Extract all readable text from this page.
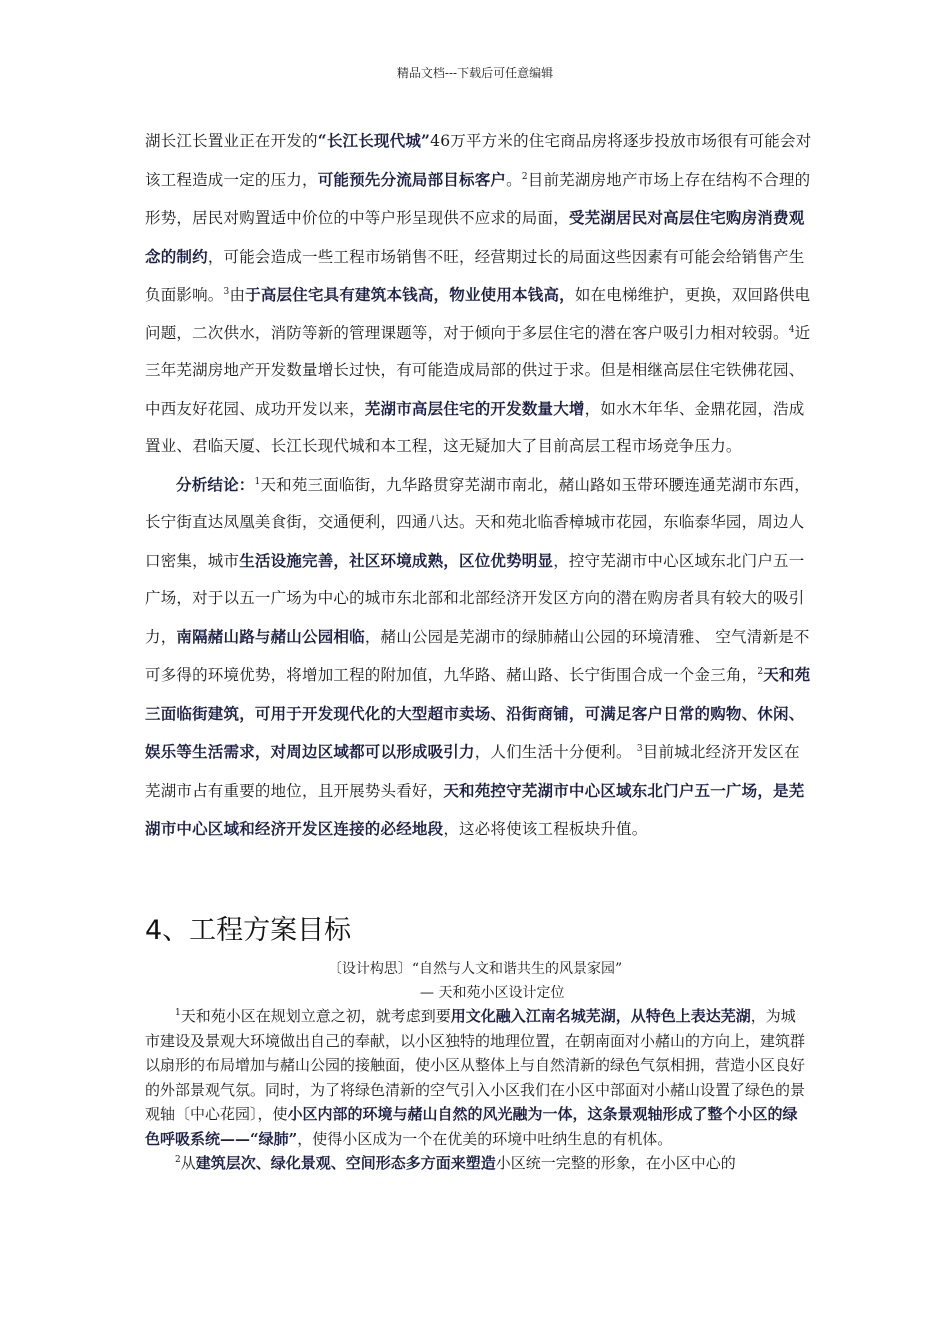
精品文档---下载后可任意编辑

湖长江长置业正在开发的“长江长现代城”46万平方米的住宅商品房将逐步投放市场很有可能会对该工程造成一定的压力，可能预先分流局部目标客户。$^2$目前芜湖房地产市场上存在结构不合理的形势，居民对购置适中价位的中等户形呈现供不应求的局面，受芜湖居民对高层住宅购房消费观念的制约，可能会造成一些工程市场销售不旺，经营期过长的局面这些因素有可能会给销售产生负面影响。$^3$由于高层住宅具有建筑本钱高，物业使用本钱高，如在电梯维护，更换，双回路供电问题，二次供水，消防等新的管理课题等，对于倾向于多层住宅的潜在客户吸引力相对较弱。$^4$近三年芜湖房地产开发数量增长过快，有可能造成局部的供过于求。但是相继高层住宅铁佛花园、中西友好花园、成功开发以来，芜湖市高层住宅的开发数量大增，如水木年华、金鼎花园，浩成置业、君临天厦、长江长现代城和本工程，这无疑加大了目前高层工程市场竞争压力。

分析结论：$^1$天和苑三面临街，九华路贯穿芜湖市南北，赭山路如玉带环腰连通芜湖市东西， 长宁街直达凤凰美食街，交通便利，四通八达。天和苑北临香樟城市花园，东临泰华园，周边人口密集，城市生活设施完善，社区环境成熟，区位优势明显，控守芜湖市中心区域东北门户五一广场，对于以五一广场为中心的城市东北部和北部经济开发区方向的潜在购房者具有较大的吸引力，南隔赭山路与赭山公园相临，赭山公园是芜湖市的绿肺赭山公园的环境清雅、 空气清新是不可多得的环境优势，将增加工程的附加值，九华路、赭山路、长宁街围合成一个金三角，$^2$天和苑三面临街建筑，可用于开发现代化的大型超市卖场、沿街商铺，可满足客户日常的购物、休闲、娱乐等生活需求，对周边区域都可以形成吸引力，人们生活十分便利。 $^3$目前城北经济开发区在芜湖市占有重要的地位，且开展势头看好，天和苑控守芜湖市中心区域东北门户五一广场，是芜湖市中心区域和经济开发区连接的必经地段，这必将使该工程板块升值。

4、工程方案目标

〔设计构思〕“自然与人文和谐共生的风景家园”

— 天和苑小区设计定位

$^1$天和苑小区在规划立意之初，就考虑到要用文化融入江南名城芜湖，从特色上表达芜湖，为城市建设及景观大环境做出自己的奉献，以小区独特的地理位置，在朝南面对小赭山的方向上，建筑群以扇形的布局增加与赭山公园的接触面，使小区从整体上与自然清新的绿色气氛相拥，营造小区良好的外部景观气氛。同时，为了将绿色清新的空气引入小区我们在小区中部面对小赭山设置了绿色的景观轴〔中心花园〕，使小区内部的环境与赭山自然的风光融为一体，这条景观轴形成了整个小区的绿色呼吸系统——“绿肺”，使得小区成为一个在优美的环境中吐纳生息的有机体。

$^2$从建筑层次、绿化景观、空间形态多方面来塑造小区统一完整的形象，在小区中心的
